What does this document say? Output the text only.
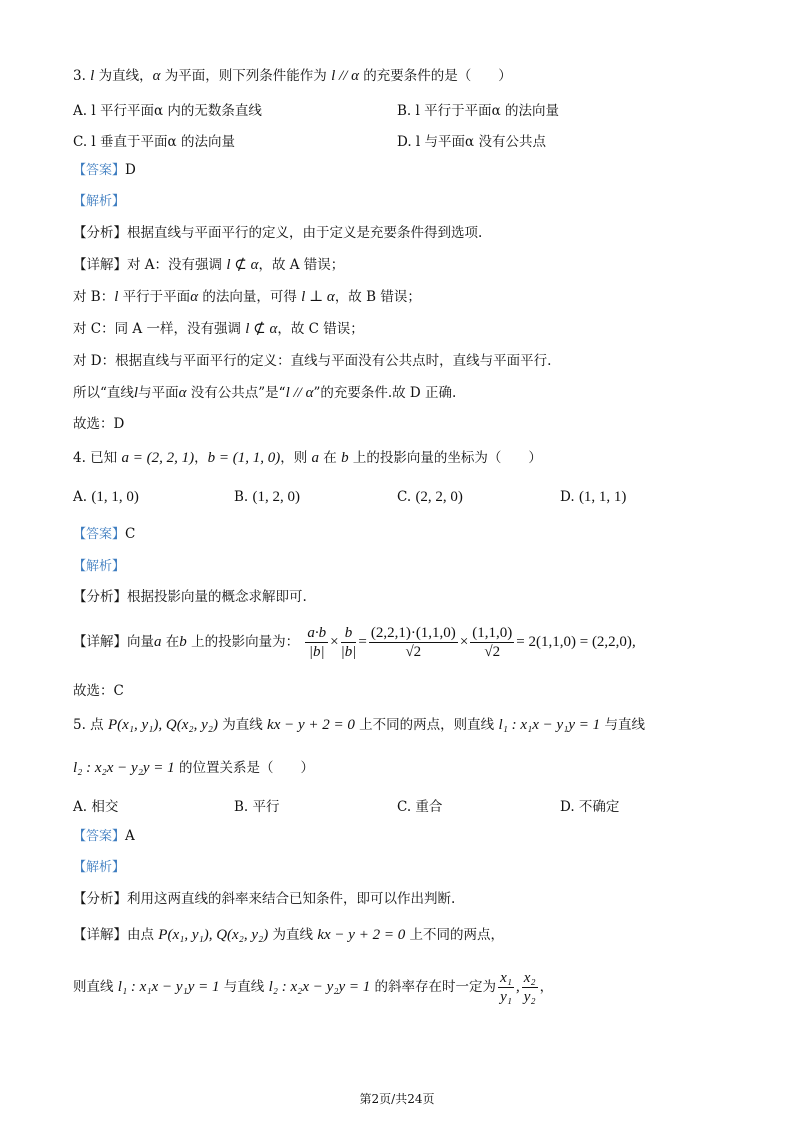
3. l 为直线，α 为平面，则下列条件能作为 l // α 的充要条件的是（　　）
A. l 平行平面α 内的无数条直线	B. l 平行于平面α 的法向量
C. l 垂直于平面α 的法向量	D. l 与平面α 没有公共点
【答案】D
【解析】
【分析】根据直线与平面平行的定义，由于定义是充要条件得到选项.
【详解】对 A：没有强调 l ⊄ α，故 A 错误；
对 B：l 平行于平面α 的法向量，可得 l ⊥ α，故 B 错误；
对 C：同 A 一样，没有强调 l ⊄ α，故 C 错误；
对 D：根据直线与平面平行的定义：直线与平面没有公共点时，直线与平面平行.
所以“直线l与平面α 没有公共点”是“l // α”的充要条件.故 D 正确.
故选：D
4. 已知 a = (2, 2, 1)，b = (1, 1, 0)，则 a 在 b 上的投影向量的坐标为（　　）
A. (1, 1, 0)	B. (1, 2, 0)	C. (2, 2, 0)	D. (1, 1, 1)
【答案】C
【解析】
【分析】根据投影向量的概念求解即可.
【详解】向量a 在b 上的投影向量为： $\frac{a\cdot b}{|b|} \times \frac{b}{|b|} = \frac{(2,2,1)\cdot(1,1,0)}{√2} \times \frac{(1,1,0)}{√2} = 2(1,1,0) = (2,2,0)$,
故选：C
5. 点 P(x₁, y₁), Q(x₂, y₂) 为直线 kx − y + 2 = 0 上不同的两点，则直线 l₁ : x₁x − y₁y = 1 与直线
l₂ : x₂x − y₂y = 1 的位置关系是（　　）
A. 相交	B. 平行	C. 重合	D. 不确定
【答案】A
【解析】
【分析】利用这两直线的斜率来结合已知条件，即可以作出判断.
【详解】由点 P(x₁, y₁), Q(x₂, y₂) 为直线 kx − y + 2 = 0 上不同的两点，
则直线 l₁ : x₁x − y₁y = 1 与直线 l₂ : x₂x − y₂y = 1 的斜率存在时一定为 $\frac{\text{x₁}}{\text{y₁}}$ , $\frac{\text{x₂}}{\text{y₂}}$ ，
第2页/共24页
